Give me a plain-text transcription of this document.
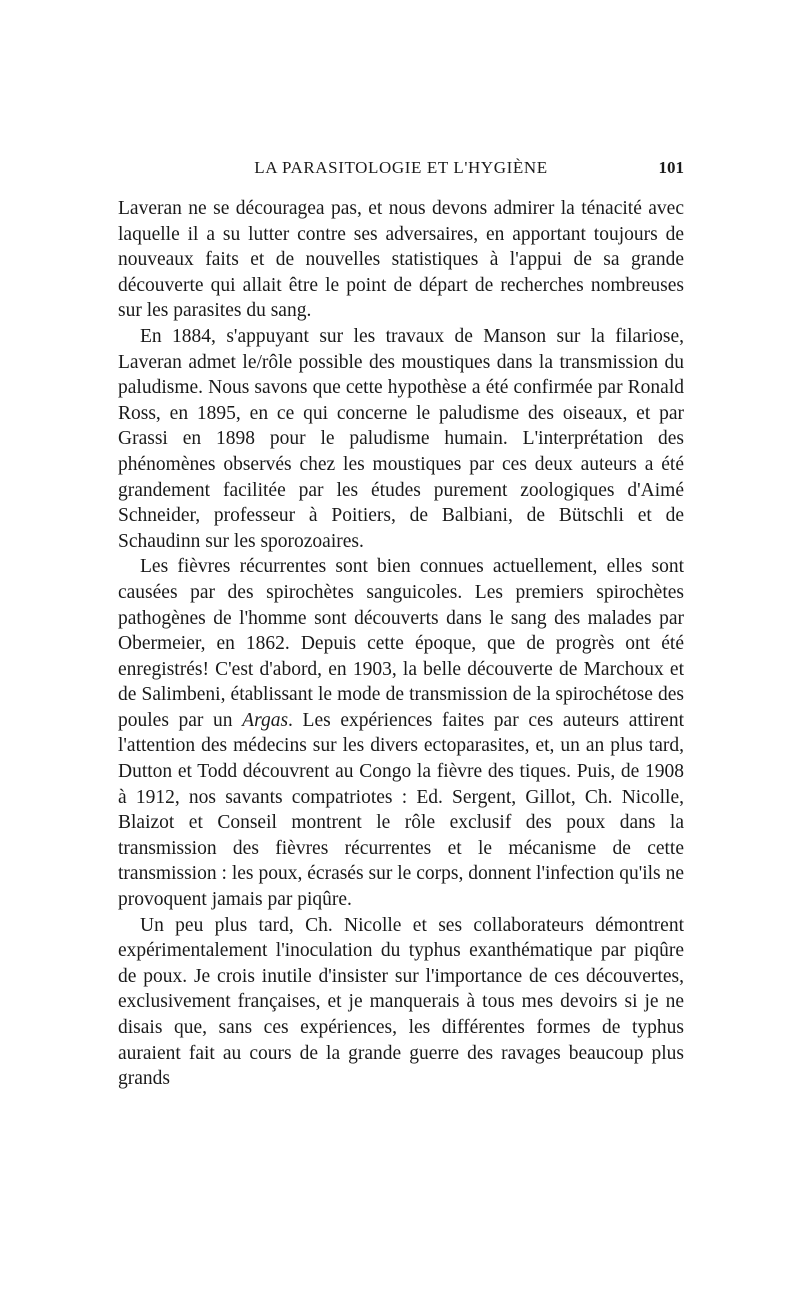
LA PARASITOLOGIE ET L'HYGIÈNE	101

Laveran ne se découragea pas, et nous devons admirer la ténacité avec laquelle il a su lutter contre ses adversaires, en apportant toujours de nouveaux faits et de nouvelles statistiques à l'appui de sa grande découverte qui allait être le point de départ de recherches nombreuses sur les parasites du sang.

En 1884, s'appuyant sur les travaux de Manson sur la filariose, Laveran admet le/rôle possible des moustiques dans la transmission du paludisme. Nous savons que cette hypothèse a été confirmée par Ronald Ross, en 1895, en ce qui concerne le paludisme des oiseaux, et par Grassi en 1898 pour le paludisme humain. L'interprétation des phénomènes observés chez les moustiques par ces deux auteurs a été grandement facilitée par les études purement zoologiques d'Aimé Schneider, professeur à Poitiers, de Balbiani, de Bütschli et de Schaudinn sur les sporozoaires.

Les fièvres récurrentes sont bien connues actuellement, elles sont causées par des spirochètes sanguicoles. Les premiers spirochètes pathogènes de l'homme sont découverts dans le sang des malades par Obermeier, en 1862. Depuis cette époque, que de progrès ont été enregistrés! C'est d'abord, en 1903, la belle découverte de Marchoux et de Salimbeni, établissant le mode de transmission de la spirochétose des poules par un Argas. Les expériences faites par ces auteurs attirent l'attention des médecins sur les divers ectoparasites, et, un an plus tard, Dutton et Todd découvrent au Congo la fièvre des tiques. Puis, de 1908 à 1912, nos savants compatriotes : Ed. Sergent, Gillot, Ch. Nicolle, Blaizot et Conseil montrent le rôle exclusif des poux dans la transmission des fièvres récurrentes et le mécanisme de cette transmission : les poux, écrasés sur le corps, donnent l'infection qu'ils ne provoquent jamais par piqûre.

Un peu plus tard, Ch. Nicolle et ses collaborateurs démontrent expérimentalement l'inoculation du typhus exanthématique par piqûre de poux. Je crois inutile d'insister sur l'importance de ces découvertes, exclusivement françaises, et je manquerais à tous mes devoirs si je ne disais que, sans ces expériences, les différentes formes de typhus auraient fait au cours de la grande guerre des ravages beaucoup plus grands
